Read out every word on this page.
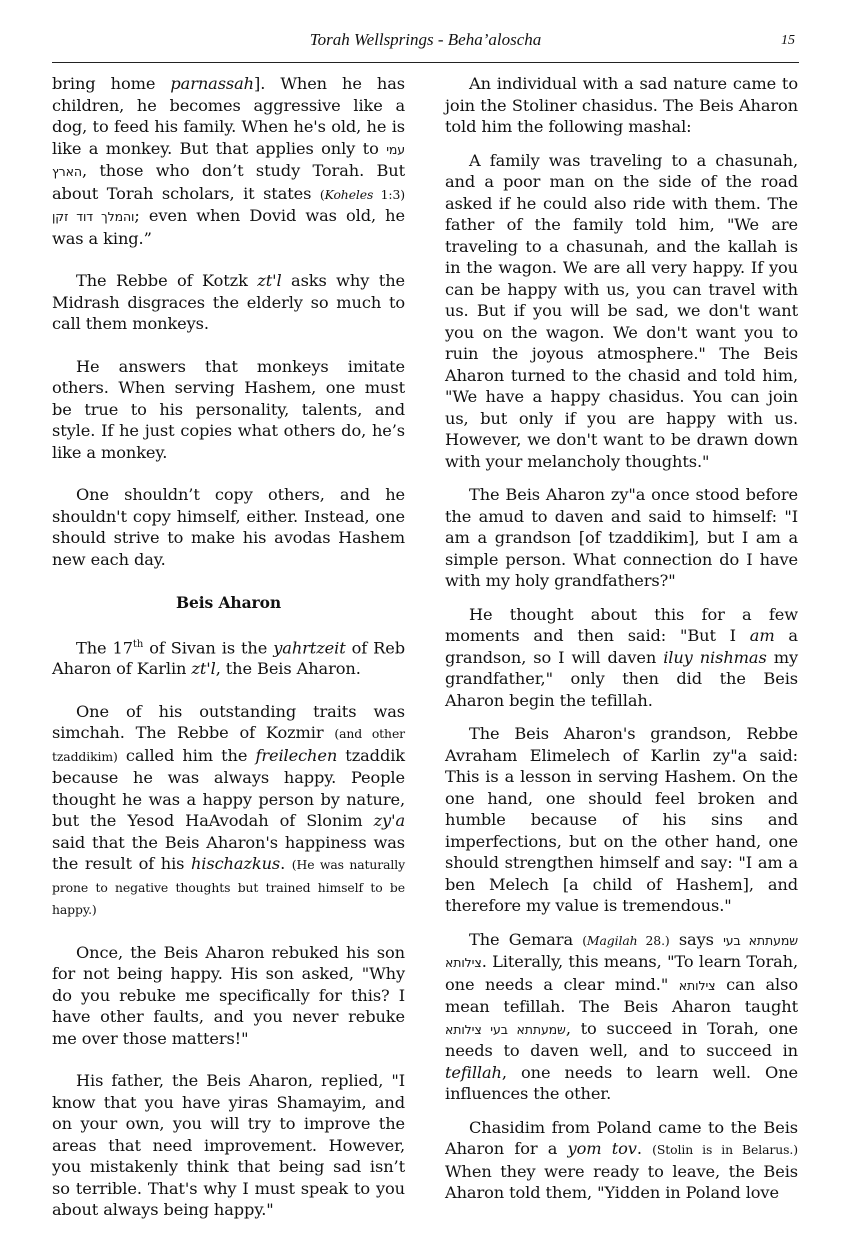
Torah Wellsprings - Beha’aloscha	15

bring home parnassah]. When he has children, he becomes aggressive like a dog, to feed his family. When he's old, he is like a monkey. But that applies only to עמי הארץ, those who don’t study Torah. But about Torah scholars, it states (Koheles 1:3) והמלך דוד זקן; even when Dovid was old, he was a king.”

The Rebbe of Kotzk zt'l asks why the Midrash disgraces the elderly so much to call them monkeys.

He answers that monkeys imitate others. When serving Hashem, one must be true to his personality, talents, and style. If he just copies what others do, he’s like a monkey.

One shouldn’t copy others, and he shouldn't copy himself, either. Instead, one should strive to make his avodas Hashem new each day.

Beis Aharon

The 17th of Sivan is the yahrtzeit of Reb Aharon of Karlin zt'l, the Beis Aharon.

One of his outstanding traits was simchah. The Rebbe of Kozmir (and other tzaddikim) called him the freilechen tzaddik because he was always happy. People thought he was a happy person by nature, but the Yesod HaAvodah of Slonim zy'a said that the Beis Aharon's happiness was the result of his hischazkus. (He was naturally prone to negative thoughts but trained himself to be happy.)

Once, the Beis Aharon rebuked his son for not being happy. His son asked, "Why do you rebuke me specifically for this? I have other faults, and you never rebuke me over those matters!"

His father, the Beis Aharon, replied, "I know that you have yiras Shamayim, and on your own, you will try to improve the areas that need improvement. However, you mistakenly think that being sad isn’t so terrible. That's why I must speak to you about always being happy."

An individual with a sad nature came to join the Stoliner chasidus. The Beis Aharon told him the following mashal:

A family was traveling to a chasunah, and a poor man on the side of the road asked if he could also ride with them. The father of the family told him, "We are traveling to a chasunah, and the kallah is in the wagon. We are all very happy. If you can be happy with us, you can travel with us. But if you will be sad, we don't want you on the wagon. We don't want you to ruin the joyous atmosphere." The Beis Aharon turned to the chasid and told him, "We have a happy chasidus. You can join us, but only if you are happy with us. However, we don't want to be drawn down with your melancholy thoughts."

The Beis Aharon zy"a once stood before the amud to daven and said to himself: "I am a grandson [of tzaddikim], but I am a simple person. What connection do I have with my holy grandfathers?"

He thought about this for a few moments and then said: "But I am a grandson, so I will daven iluy nishmas my grandfather," only then did the Beis Aharon begin the tefillah.

The Beis Aharon's grandson, Rebbe Avraham Elimelech of Karlin zy"a said: This is a lesson in serving Hashem. On the one hand, one should feel broken and humble because of his sins and imperfections, but on the other hand, one should strengthen himself and say: "I am a ben Melech [a child of Hashem], and therefore my value is tremendous."

The Gemara (Magilah 28.) says שמעתתא בעי צילותא. Literally, this means, "To learn Torah, one needs a clear mind." צילותא can also mean tefillah. The Beis Aharon taught שמעתתא בעי צילותא, to succeed in Torah, one needs to daven well, and to succeed in tefillah, one needs to learn well. One influences the other.

Chasidim from Poland came to the Beis Aharon for a yom tov. (Stolin is in Belarus.) When they were ready to leave, the Beis Aharon told them, "Yidden in Poland love
